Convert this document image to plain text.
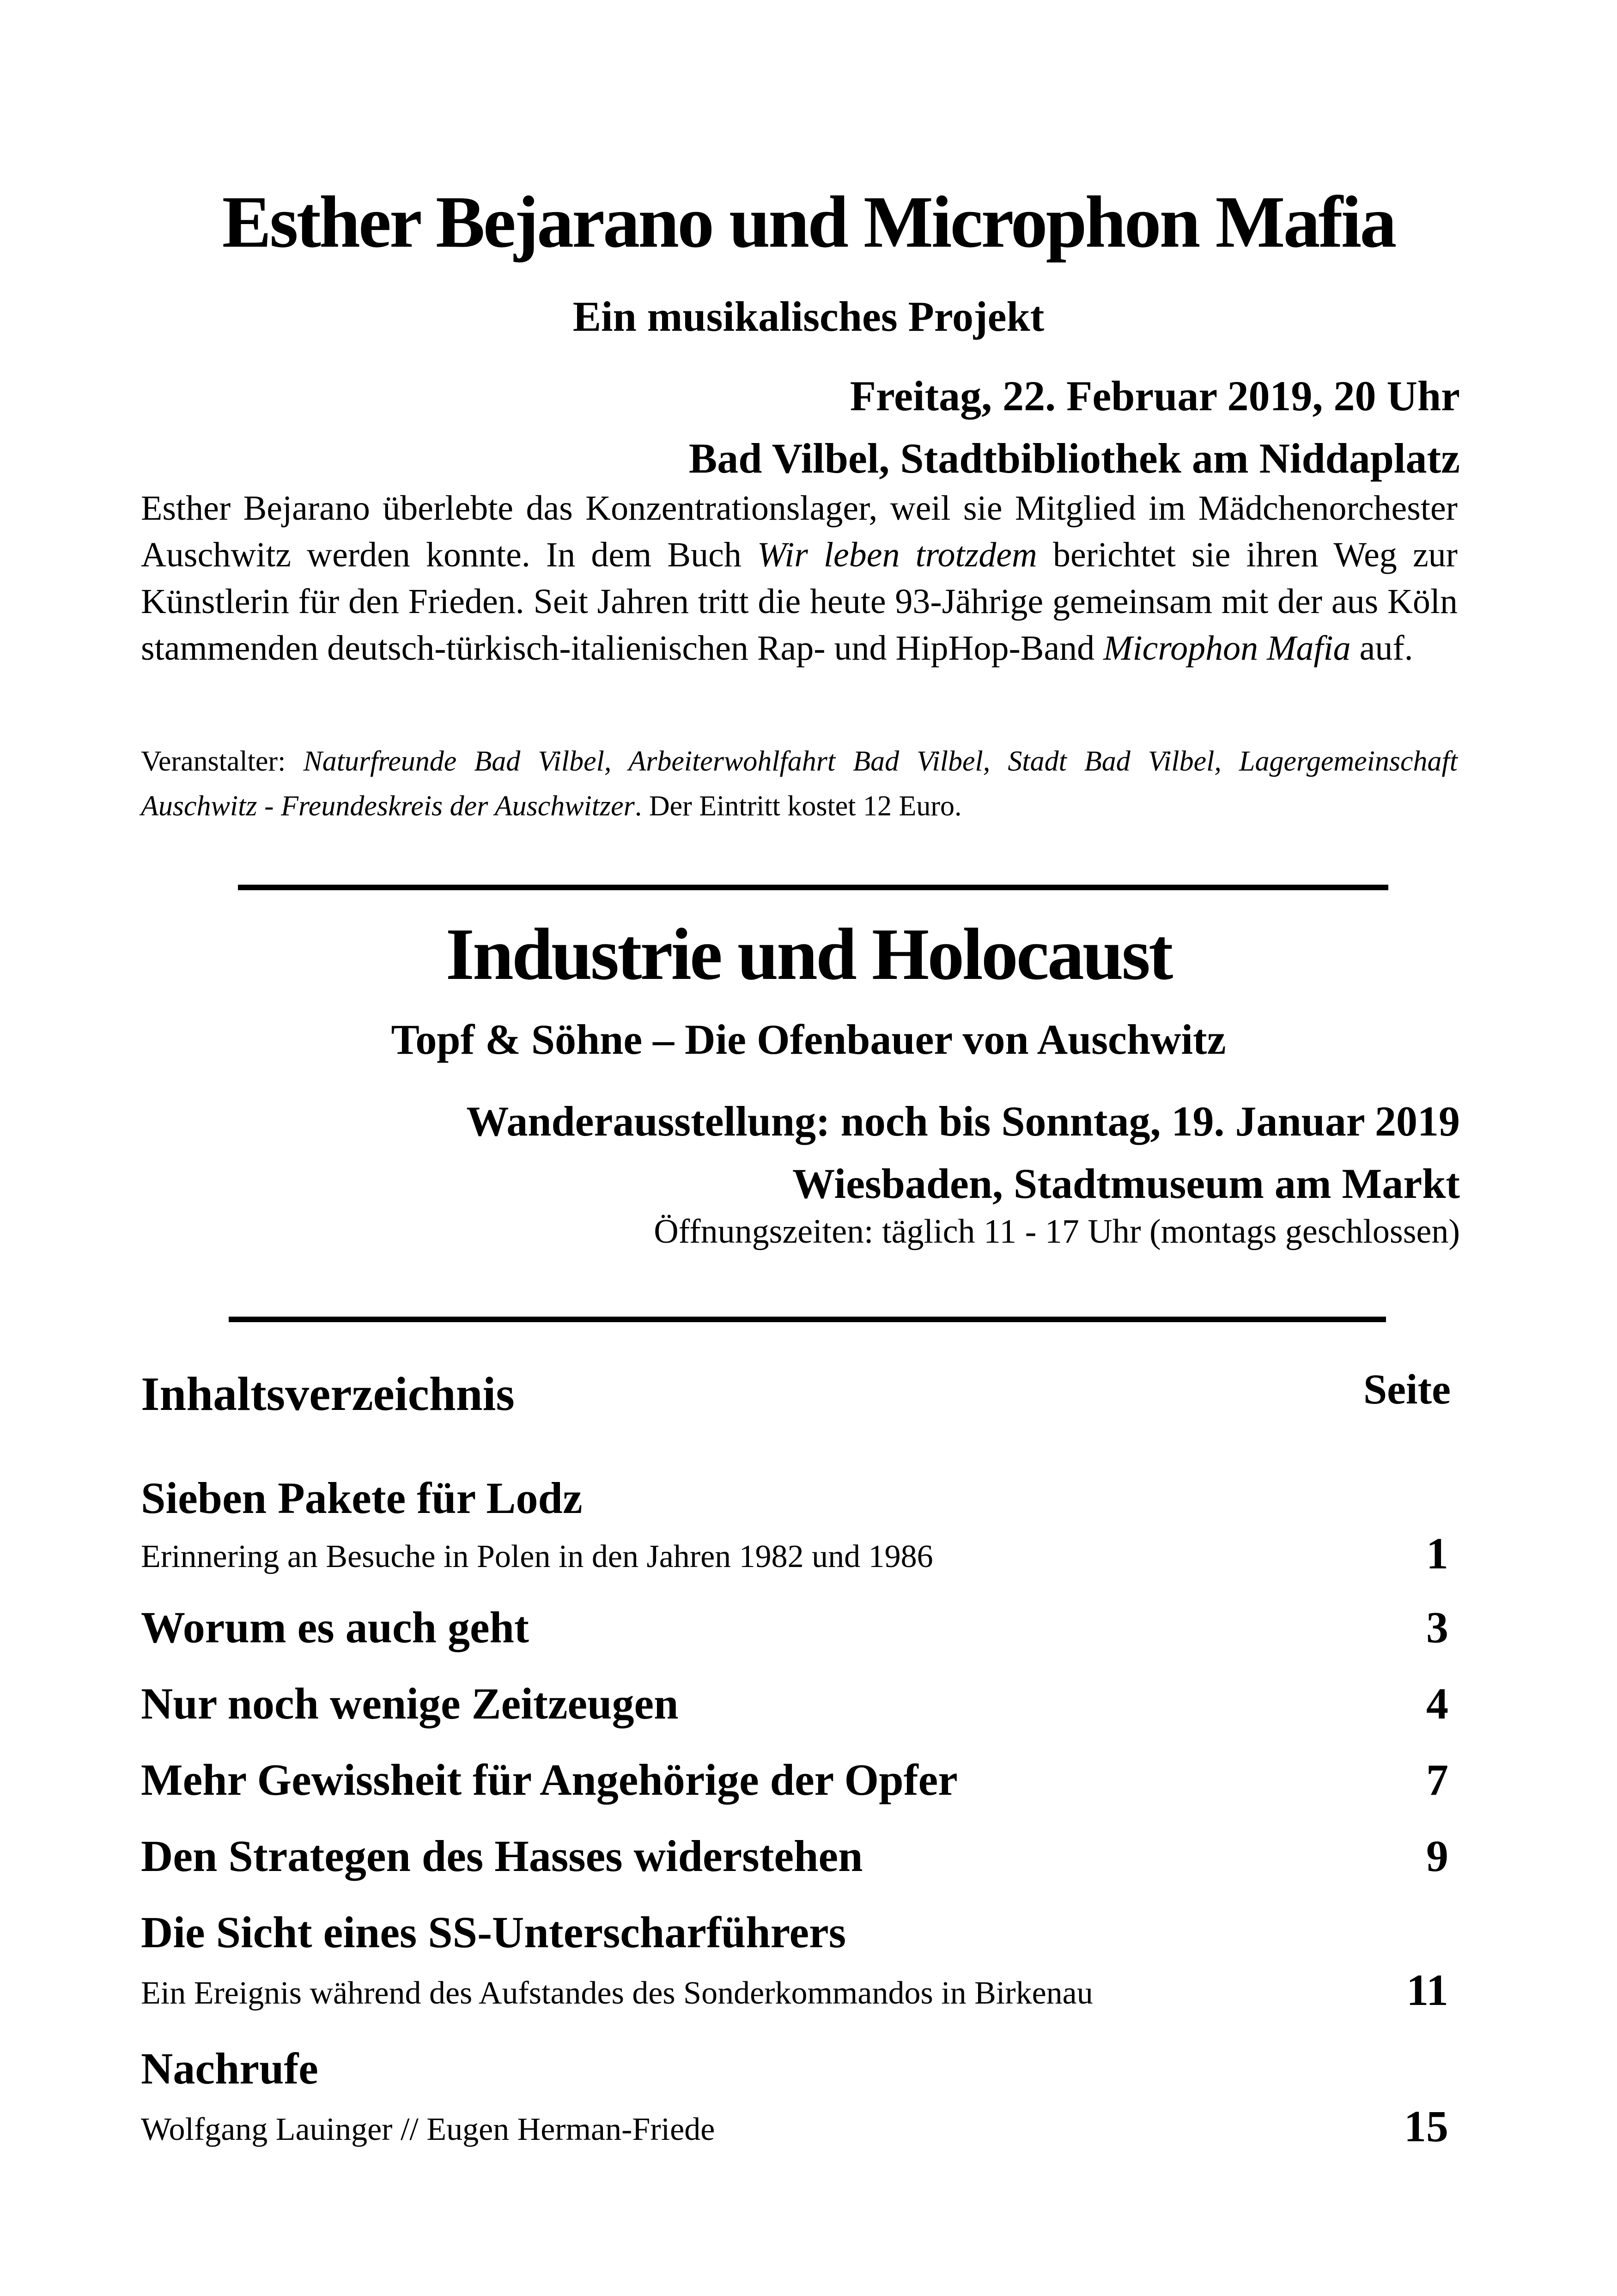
Esther Bejarano und Microphon Mafia
Ein musikalisches Projekt
Freitag, 22. Februar 2019, 20 Uhr
Bad Vilbel, Stadtbibliothek am Niddaplatz
Esther Bejarano überlebte das Konzentrationslager, weil sie Mitglied im Mädchenorchester Auschwitz werden konnte. In dem Buch Wir leben trotzdem berichtet sie ihren Weg zur Künstlerin für den Frieden. Seit Jahren tritt die heute 93-Jährige gemeinsam mit der aus Köln stammenden deutsch-türkisch-italienischen Rap- und HipHop-Band Microphon Mafia auf.
Veranstalter: Naturfreunde Bad Vilbel, Arbeiterwohlfahrt Bad Vilbel, Stadt Bad Vilbel, Lagergemeinschaft Auschwitz - Freundeskreis der Auschwitzer. Der Eintritt kostet 12 Euro.
Industrie und Holocaust
Topf & Söhne – Die Ofenbauer von Auschwitz
Wanderausstellung: noch bis Sonntag, 19. Januar 2019
Wiesbaden, Stadtmuseum am Markt
Öffnungszeiten: täglich 11 - 17 Uhr (montags geschlossen)
Inhaltsverzeichnis	Seite
Sieben Pakete für Lodz
Erinnering an Besuche in Polen in den Jahren 1982 und 1986	1
Worum es auch geht	3
Nur noch wenige Zeitzeugen	4
Mehr Gewissheit für Angehörige der Opfer	7
Den Strategen des Hasses widerstehen	9
Die Sicht eines SS-Unterscharführers
Ein Ereignis während des Aufstandes des Sonderkommandos in Birkenau	11
Nachrufe
Wolfgang Lauinger // Eugen Herman-Friede	15
